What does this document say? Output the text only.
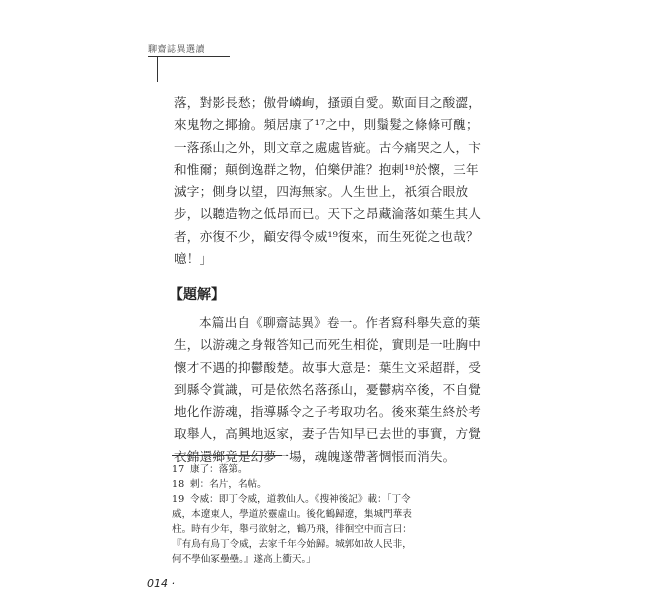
聊齋誌異選讀
落，對影長愁；傲骨嶙峋，搔頭自愛。歎面目之酸澀，
來鬼物之揶揄。頻居康了¹⁷之中，則鬚髮之條條可醜；
一落孫山之外，則文章之處處皆疵。古今痛哭之人，卞
和惟爾；顛倒逸群之物，伯樂伊誰？抱剌¹⁸於懷，三年
滅字；側身以望，四海無家。人生世上，祇須合眼放
步，以聽造物之低昂而已。天下之昂藏淪落如葉生其人
者，亦復不少，顧安得令威¹⁹復來，而生死從之也哉？
噫！」
【題解】
本篇出自《聊齋誌異》卷一。作者寫科舉失意的葉
生，以游魂之身報答知己而死生相從，實則是一吐胸中
懷才不遇的抑鬱酸楚。故事大意是：葉生文采超群，受
到縣令賞識，可是依然名落孫山，憂鬱病卒後，不自覺
地化作游魂，指導縣令之子考取功名。後來葉生終於考
取舉人，高興地返家，妻子告知早已去世的事實，方覺
衣錦還鄉竟是幻夢一場，魂魄遂帶著惆悵而消失。
17 康了：落第。
18 剌：名片，名帖。
19 令威：即丁令威，道教仙人。《搜神後記》載：「丁令
威，本遼東人，學道於靈虛山。後化鶴歸遼，集城門華表
柱。時有少年，舉弓欲射之，鶴乃飛，徘徊空中而言曰：
『有鳥有鳥丁令威，去家千年今始歸。城郭如故人民非，
何不學仙冢壘壘。』遂高上衝天。」
014 ·
